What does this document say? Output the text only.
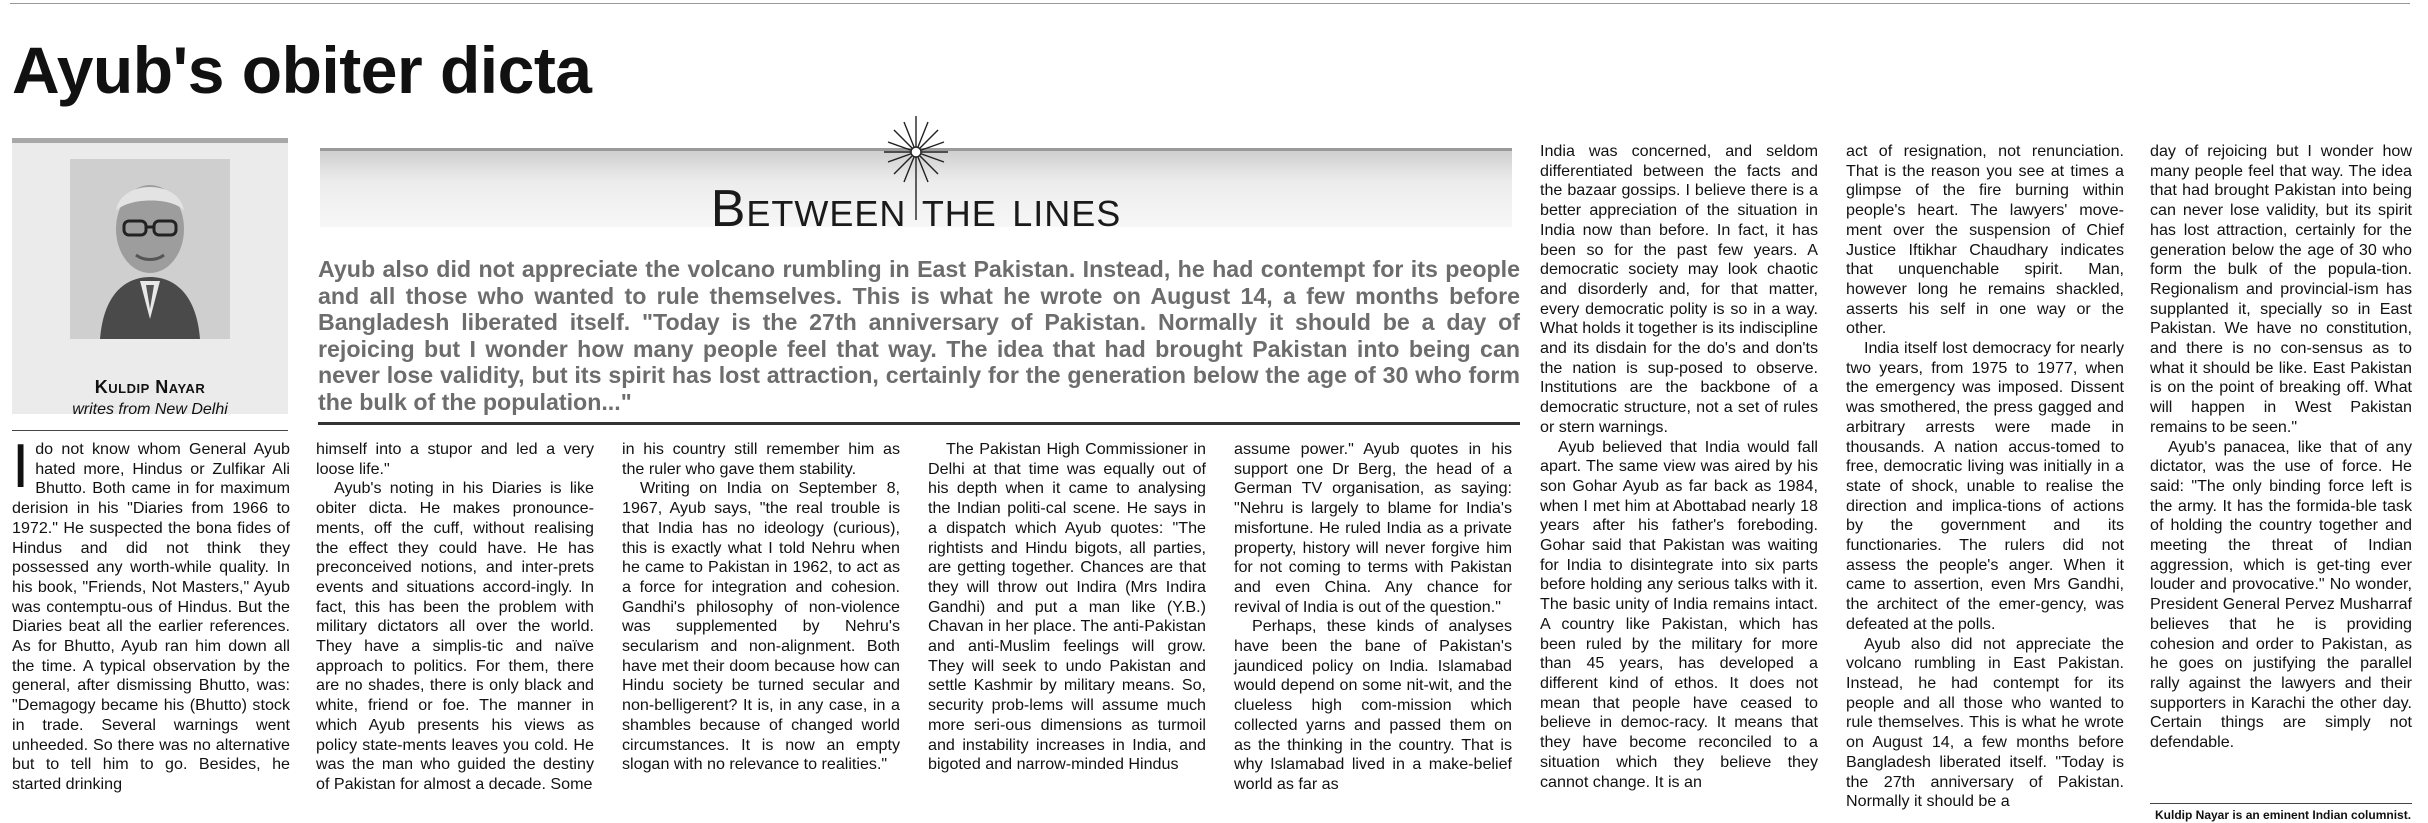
Ayub's obiter dicta
Kuldip Nayar
writes from New Delhi
Between the lines

Ayub also did not appreciate the volcano rumbling in East Pakistan. Instead, he had contempt for its people and all those who wanted to rule themselves. This is what he wrote on August 14, a few months before Bangladesh liberated itself. "Today is the 27th anniversary of Pakistan. Normally it should be a day of rejoicing but I wonder how many people feel that way. The idea that had brought Pakistan into being can never lose validity, but its spirit has lost attraction, certainly for the generation below the age of 30 who form the bulk of the population..."

Ido not know whom General Ayub hated more, Hindus or Zulfikar Ali Bhutto. Both came in for maximum derision in his "Diaries from 1966 to 1972." He suspected the bona fides of Hindus and did not think they possessed any worth-while quality. In his book, "Friends, Not Masters," Ayub was contemptu-ous of Hindus. But the Diaries beat all the earlier references. As for Bhutto, Ayub ran him down all the time. A typical observation by the general, after dismissing Bhutto, was: "Demagogy became his (Bhutto) stock in trade. Several warnings went unheeded. So there was no alternative but to tell him to go. Besides, he started drinking

himself into a stupor and led a very loose life."

Ayub's noting in his Diaries is like obiter dicta. He makes pronounce-ments, off the cuff, without realising the effect they could have. He has preconceived notions, and inter-prets events and situations accord-ingly. In fact, this has been the problem with military dictators all over the world. They have a simplis-tic and naïve approach to politics. For them, there are no shades, there is only black and white, friend or foe. The manner in which Ayub presents his views as policy state-ments leaves you cold. He was the man who guided the destiny of Pakistan for almost a decade. Some

in his country still remember him as the ruler who gave them stability.

Writing on India on September 8, 1967, Ayub says, "the real trouble is that India has no ideology (curious), this is exactly what I told Nehru when he came to Pakistan in 1962, to act as a force for integration and cohesion. Gandhi's philosophy of non-violence was supplemented by Nehru's secularism and non-alignment. Both have met their doom because how can Hindu society be turned secular and non-belligerent? It is, in any case, in a shambles because of changed world circumstances. It is now an empty slogan with no relevance to realities."

The Pakistan High Commissioner in Delhi at that time was equally out of his depth when it came to analysing the Indian politi-cal scene. He says in a dispatch which Ayub quotes: "The rightists and Hindu bigots, all parties, are getting together. Chances are that they will throw out Indira (Mrs Indira Gandhi) and put a man like (Y.B.) Chavan in her place. The anti-Pakistan and anti-Muslim feelings will grow. They will seek to undo Pakistan and settle Kashmir by military means. So, security prob-lems will assume much more seri-ous dimensions as turmoil and instability increases in India, and bigoted and narrow-minded Hindus

assume power." Ayub quotes in his support one Dr Berg, the head of a German TV organisation, as saying: "Nehru is largely to blame for India's misfortune. He ruled India as a private property, history will never forgive him for not coming to terms with Pakistan and even China. Any chance for revival of India is out of the question."

Perhaps, these kinds of analyses have been the bane of Pakistan's jaundiced policy on India. Islamabad would depend on some nit-wit, and the clueless high com-mission which collected yarns and passed them on as the thinking in the country. That is why Islamabad lived in a make-belief world as far as

India was concerned, and seldom differentiated between the facts and the bazaar gossips. I believe there is a better appreciation of the situation in India now than before. In fact, it has been so for the past few years. A democratic society may look chaotic and disorderly and, for that matter, every democratic polity is so in a way. What holds it together is its indiscipline and its disdain for the do's and don'ts the nation is sup-posed to observe. Institutions are the backbone of a democratic structure, not a set of rules or stern warnings.

Ayub believed that India would fall apart. The same view was aired by his son Gohar Ayub as far back as 1984, when I met him at Abottabad nearly 18 years after his father's foreboding. Gohar said that Pakistan was waiting for India to disintegrate into six parts before holding any serious talks with it. The basic unity of India remains intact. A country like Pakistan, which has been ruled by the military for more than 45 years, has developed a different kind of ethos. It does not mean that people have ceased to believe in democ-racy. It means that they have become reconciled to a situation which they believe they cannot change. It is an

act of resignation, not renunciation. That is the reason you see at times a glimpse of the fire burning within people's heart. The lawyers' move-ment over the suspension of Chief Justice Iftikhar Chaudhary indicates that unquenchable spirit. Man, however long he remains shackled, asserts his self in one way or the other.

India itself lost democracy for nearly two years, from 1975 to 1977, when the emergency was imposed. Dissent was smothered, the press gagged and arbitrary arrests were made in thousands. A nation accus-tomed to free, democratic living was initially in a state of shock, unable to realise the direction and implica-tions of actions by the government and its functionaries. The rulers did not assess the people's anger. When it came to assertion, even Mrs Gandhi, the architect of the emer-gency, was defeated at the polls.

Ayub also did not appreciate the volcano rumbling in East Pakistan. Instead, he had contempt for its people and all those who wanted to rule themselves. This is what he wrote on August 14, a few months before Bangladesh liberated itself. "Today is the 27th anniversary of Pakistan. Normally it should be a

day of rejoicing but I wonder how many people feel that way. The idea that had brought Pakistan into being can never lose validity, but its spirit has lost attraction, certainly for the generation below the age of 30 who form the bulk of the popula-tion. Regionalism and provincial-ism has supplanted it, specially so in East Pakistan. We have no constitution, and there is no con-sensus as to what it should be like. East Pakistan is on the point of breaking off. What will happen in West Pakistan remains to be seen."

Ayub's panacea, like that of any dictator, was the use of force. He said: "The only binding force left is the army. It has the formida-ble task of holding the country together and meeting the threat of Indian aggression, which is get-ting ever louder and provocative." No wonder, President General Pervez Musharraf believes that he is providing cohesion and order to Pakistan, as he goes on justifying the parallel rally against the lawyers and their supporters in Karachi the other day. Certain things are simply not defendable.

Kuldip Nayar is an eminent Indian columnist.
